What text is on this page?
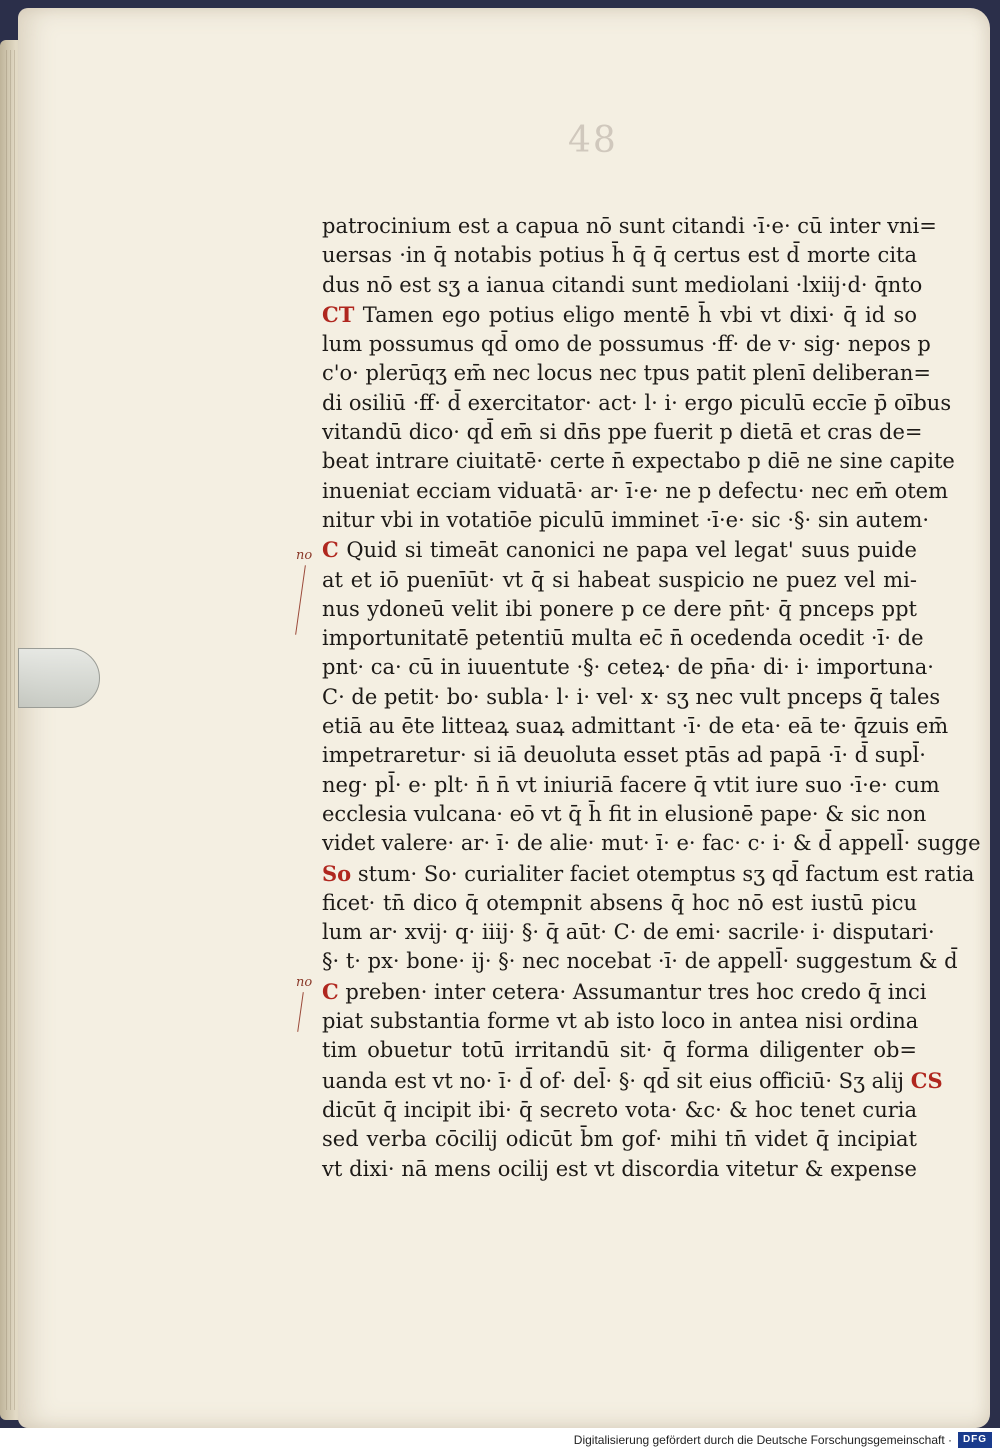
48
patrocinium est a capua nō sunt citandi ·ī·e· cū inter vni=
uersas ·in q̄ notabis potius h̄ q̄ q̄ certus est d̄ morte cita
dus nō est sʒ a ianua citandi sunt mediolani ·lxiij·d· q̄nto
CT Tamen ego potius eligo mentē h̄ vbi vt dixi· q̄ id so
lum possumus qd̄ omo de possumus ·ff· de v· sig· nepos p
c'o· plerūqʒ em̄ nec locus nec tpus patit plenī deliberan=
di osiliū ·ff· d̄ exercitator· act· l· i· ergo piculū eccīe p̄ oībus
vitandū dico· qd̄ em̄ si dn̄s ppe fuerit p dietā et cras de=
beat intrare ciuitatē· certe n̄ expectabo p diē ne sine capite
inueniat ecciam viduatā· ar· ī·e· ne p defectu· nec em̄ otem
nitur vbi in votatiōe piculū imminet ·ī·e· sic ·§· sin autem·
C Quid si timeāt canonici ne papa vel legat' suus puide
at et iō puenīūt· vt q̄ si habeat suspicio ne puez vel mi-
nus ydoneū velit ibi ponere p ce dere pn̄t· q̄ pnceps ppt
importunitatē petentiū multa ec̄ n̄ ocedenda ocedit ·ī· de
pnt· ca· cū in iuuentute ·§· ceteꝝ· de pn̄a· di· i· importuna·
C· de petit· bo· subla· l· i· vel· x· sʒ nec vult pnceps q̄ tales
etiā au ēte litteaꝝ suaꝝ admittant ·ī· de eta· eā te· q̄zuis em̄
impetraretur· si iā deuoluta esset ptās ad papā ·ī· d̄ supl̄·
neg· pl̄· e· plt· n̄ n̄ vt iniuriā facere q̄ vtit iure suo ·ī·e· cum
ecclesia vulcana· eō vt q̄ h̄ fit in elusionē pape· & sic non
videt valere· ar· ī· de alie· mut· ī· e· fac· c· i· & d̄ appell̄· sugge
So stum· So· curialiter faciet otemptus sʒ qd̄ factum est ratia
ficet· tn̄ dico q̄ otempnit absens q̄ hoc nō est iustū picu
lum ar· xvij· q· iiij· §· q̄ aūt· C· de emi· sacrile· i· disputari·
§· t· px· bone· ij· §· nec nocebat ·ī· de appell̄· suggestum & d̄
C preben· inter cetera· Assumantur tres hoc credo q̄ inci
piat substantia forme vt ab isto loco in antea nisi ordina
tim obuetur totū irritandū sit· q̄ forma diligenter ob=
uanda est vt no· ī· d̄ of· del̄· §· qd̄ sit eius officiū· Sʒ alij CS
dicūt q̄ incipit ibi· q̄ secreto vota· &c· & hoc tenet curia
sed verba cōcilij odicūt b̄m gof· mihi tn̄ videt q̄ incipiat
vt dixi· nā mens ocilij est vt discordia vitetur & expense
no
no
Digitalisierung gefördert durch die Deutsche Forschungsgemeinschaft ·	DFG
